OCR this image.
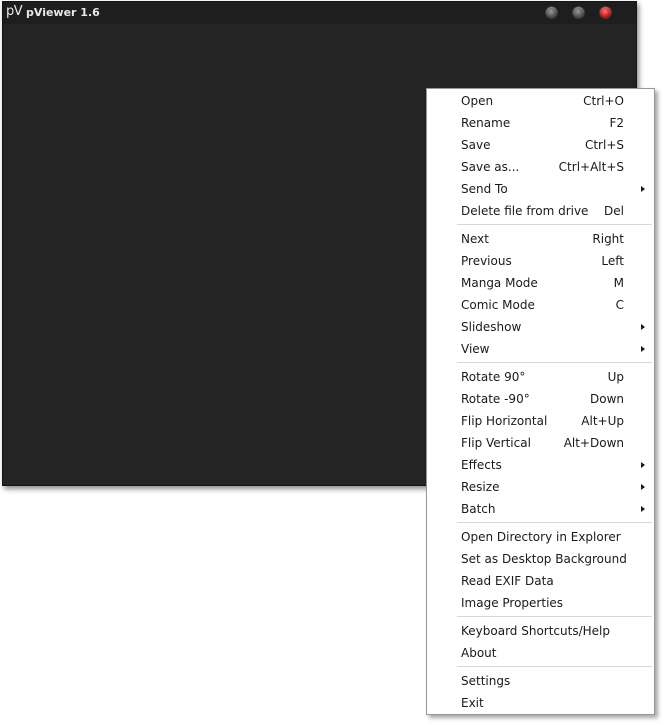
pV pViewer 1.6
Open	Ctrl+O
Rename	F2
Save	Ctrl+S
Save as...	Ctrl+Alt+S
Send To
Delete file from drive Del
Next	Right
Previous	Left
Manga Mode	M
Comic Mode	C
Slideshow
View
Rotate 90°	Up
Rotate -90°	Down
Flip Horizontal	Alt+Up
Flip Vertical	Alt+Down
Effects
Resize
Batch
Open Directory in Explorer
Set as Desktop Background
Read EXIF Data
Image Properties
Keyboard Shortcuts/Help
About
Settings
Exit
